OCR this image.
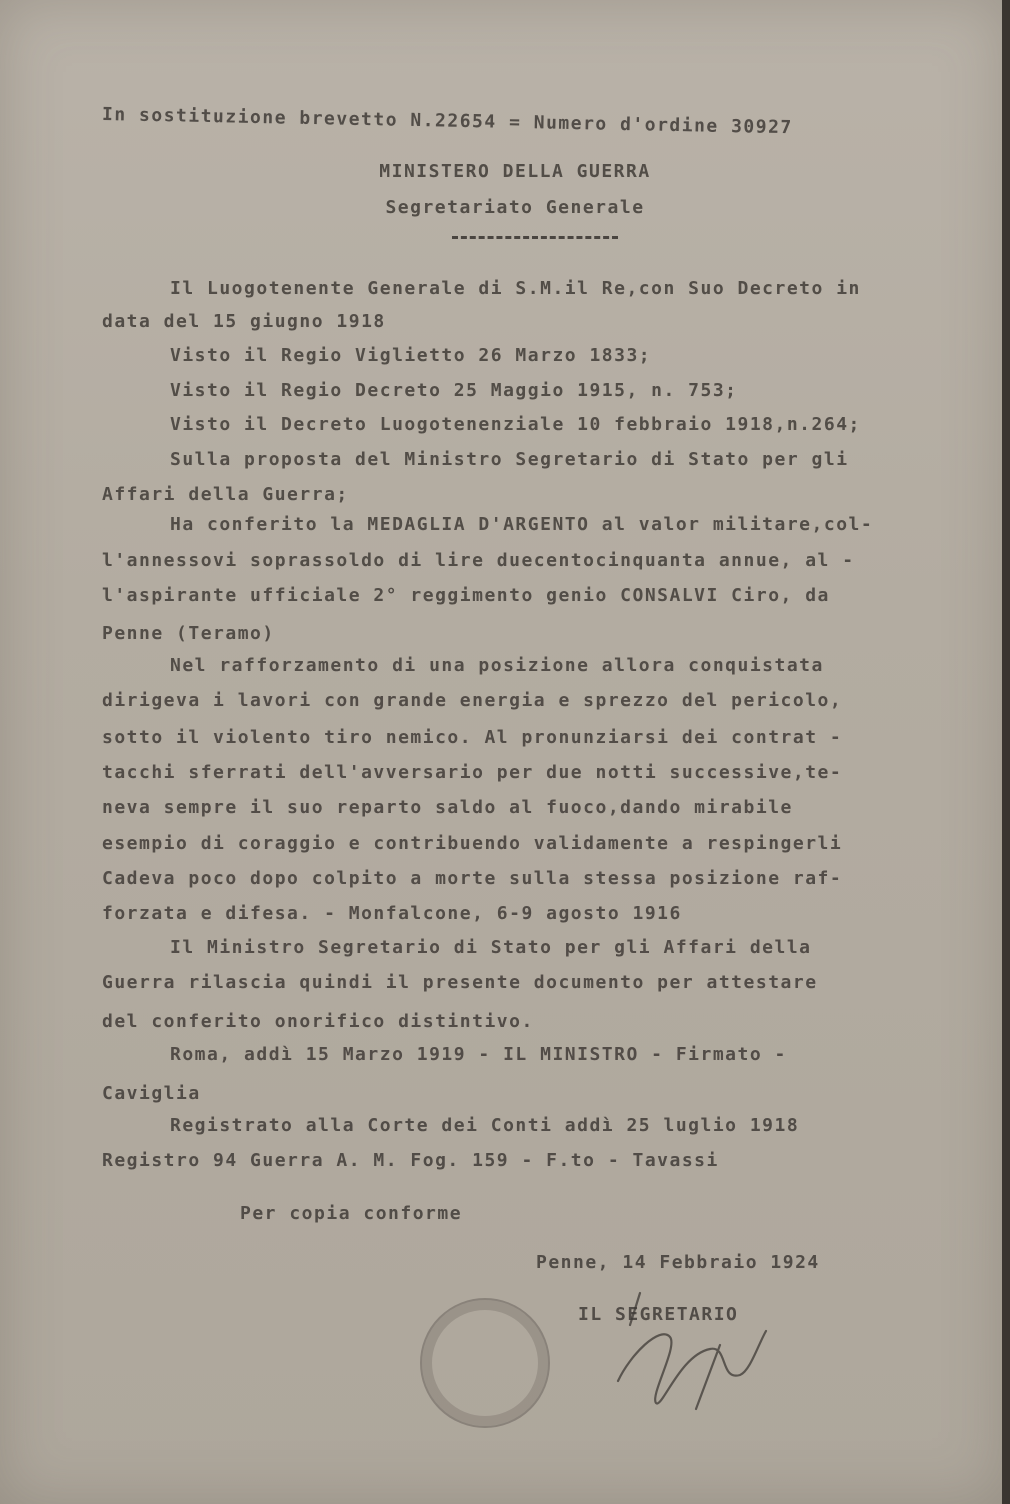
In sostituzione brevetto N.22654 = Numero d'ordine 30927
MINISTERO DELLA GUERRA
Segretariato Generale
Il Luogotenente Generale di S.M.il Re,con Suo Decreto in
data del 15 giugno 1918
Visto il Regio Viglietto 26 Marzo 1833;
Visto il Regio Decreto 25 Maggio 1915, n. 753;
Visto il Decreto Luogotenenziale 10 febbraio 1918,n.264;
Sulla proposta del Ministro Segretario di Stato per gli
Affari della Guerra;
Ha conferito la MEDAGLIA D'ARGENTO al valor militare,col-
l'annessovi soprassoldo di lire duecentocinquanta annue, al -
l'aspirante ufficiale 2° reggimento genio CONSALVI Ciro, da
Penne (Teramo)
Nel rafforzamento di una posizione allora conquistata
dirigeva i lavori con grande energia e sprezzo del pericolo,
sotto il violento tiro nemico. Al pronunziarsi dei contrat -
tacchi sferrati dell'avversario per due notti successive,te-
neva sempre il suo reparto saldo al fuoco,dando mirabile
esempio di coraggio e contribuendo validamente a respingerli
Cadeva poco dopo colpito a morte sulla stessa posizione raf-
forzata e difesa. - Monfalcone, 6-9 agosto 1916
Il Ministro Segretario di Stato per gli Affari della
Guerra rilascia quindi il presente documento per attestare
del conferito onorifico distintivo.
Roma, addì 15 Marzo 1919 - IL MINISTRO - Firmato -
Caviglia
Registrato alla Corte dei Conti addì 25 luglio 1918
Registro 94 Guerra A. M. Fog. 159 - F.to - Tavassi
Per copia conforme
Penne, 14 Febbraio 1924
IL SEGRETARIO
